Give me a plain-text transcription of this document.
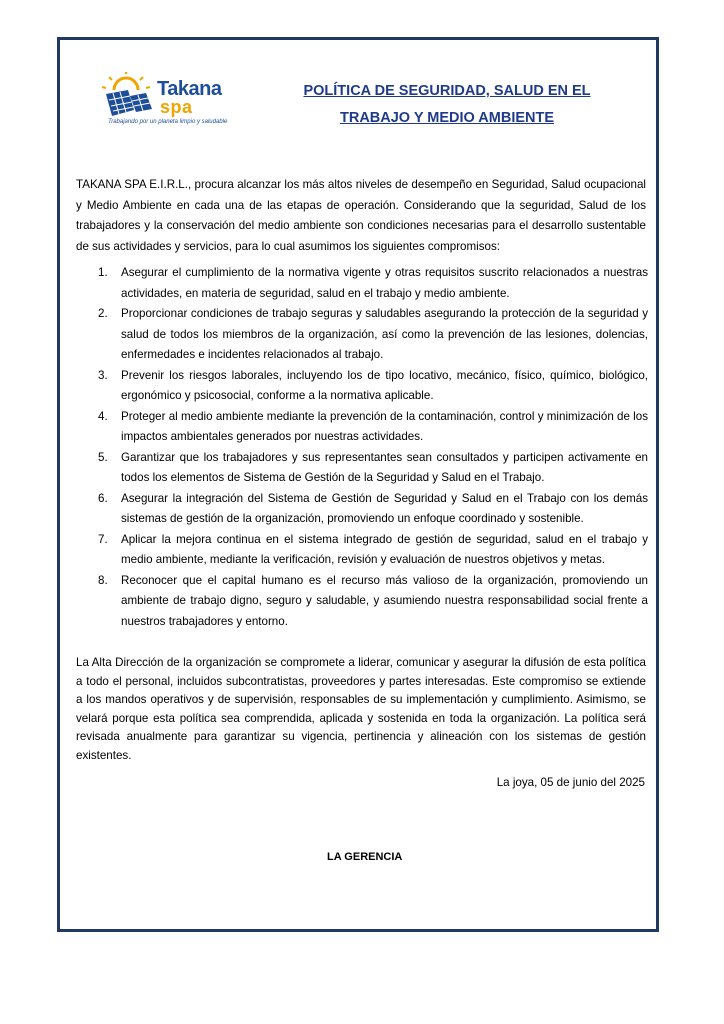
Takana
spa
Trabajando por un planeta limpio y saludable
POLÍTICA DE SEGURIDAD, SALUD EN EL
TRABAJO Y MEDIO AMBIENTE
TAKANA SPA E.I.R.L., procura alcanzar los más altos niveles de desempeño en Seguridad, Salud ocupacional y Medio Ambiente en cada una de las etapas de operación. Considerando que la seguridad, Salud de los trabajadores y la conservación del medio ambiente son condiciones necesarias para el desarrollo sustentable de sus actividades y servicios, para lo cual asumimos los siguientes compromisos:
1. Asegurar el cumplimiento de la normativa vigente y otras requisitos suscrito relacionados a nuestras actividades, en materia de seguridad, salud en el trabajo y medio ambiente.
2. Proporcionar condiciones de trabajo seguras y saludables asegurando la protección de la seguridad y salud de todos los miembros de la organización, así como la prevención de las lesiones, dolencias, enfermedades e incidentes relacionados al trabajo.
3. Prevenir los riesgos laborales, incluyendo los de tipo locativo, mecánico, físico, químico, biológico, ergonómico y psicosocial, conforme a la normativa aplicable.
4. Proteger al medio ambiente mediante la prevención de la contaminación, control y minimización de los impactos ambientales generados por nuestras actividades.
5. Garantizar que los trabajadores y sus representantes sean consultados y participen activamente en todos los elementos de Sistema de Gestión de la Seguridad y Salud en el Trabajo.
6. Asegurar la integración del Sistema de Gestión de Seguridad y Salud en el Trabajo con los demás sistemas de gestión de la organización, promoviendo un enfoque coordinado y sostenible.
7. Aplicar la mejora continua en el sistema integrado de gestión de seguridad, salud en el trabajo y medio ambiente, mediante la verificación, revisión y evaluación de nuestros objetivos y metas.
8. Reconocer que el capital humano es el recurso más valioso de la organización, promoviendo un ambiente de trabajo digno, seguro y saludable, y asumiendo nuestra responsabilidad social frente a nuestros trabajadores y entorno.
La Alta Dirección de la organización se compromete a liderar, comunicar y asegurar la difusión de esta política a todo el personal, incluidos subcontratistas, proveedores y partes interesadas. Este compromiso se extiende a los mandos operativos y de supervisión, responsables de su implementación y cumplimiento. Asimismo, se velará porque esta política sea comprendida, aplicada y sostenida en toda la organización. La política será revisada anualmente para garantizar su vigencia, pertinencia y alineación con los sistemas de gestión existentes.
La joya, 05 de junio del 2025
LA GERENCIA
